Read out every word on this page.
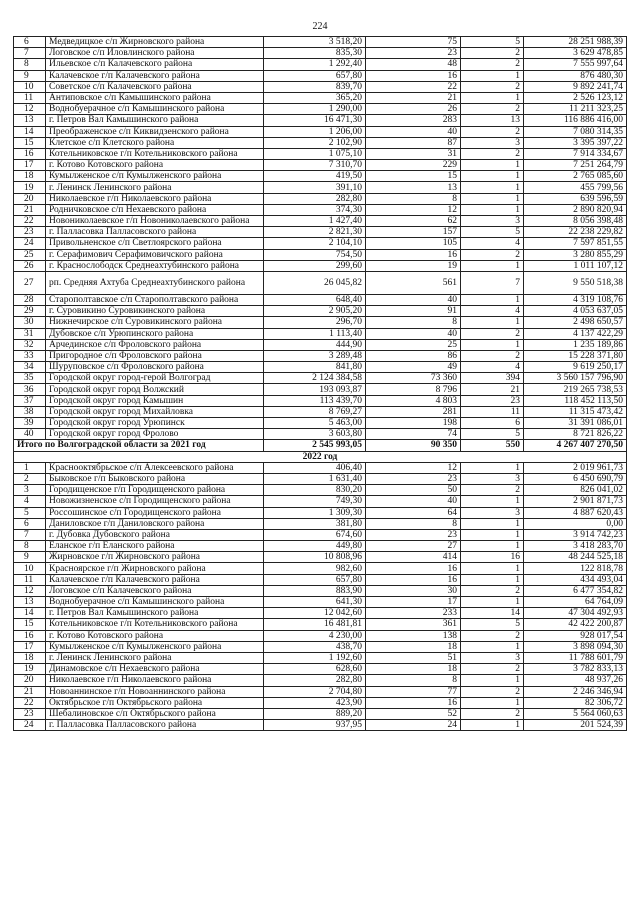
224
6	Медведицкое с/п Жирновского района	3 518,20	75	5	28 251 988,39
7	Логовское с/п Иловлинского района	835,30	23	2	3 629 478,85
8	Ильевское с/п Калачевского района	1 292,40	48	2	7 555 997,64
9	Калачевское г/п Калачевского района	657,80	16	1	876 480,30
10	Советское с/п Калачевского района	839,70	22	2	9 892 241,74
11	Антиповское с/п Камышинского района	365,20	21	1	2 526 123,12
12	Воднобуерачное с/п Камышинского района	1 290,00	26	2	11 211 323,25
13	г. Петров Вал Камышинского района	16 471,30	283	13	116 886 416,00
14	Преображенское с/п Киквидзенского района	1 206,00	40	2	7 080 314,35
15	Клетское с/п Клетского района	2 102,90	87	3	3 395 397,22
16	Котельниковское г/п Котельниковского района	1 075,10	31	2	7 914 334,67
17	г. Котово Котовского района	7 310,70	229	1	7 251 264,79
18	Кумылженское с/п Кумылженского района	419,50	15	1	2 765 085,60
19	г. Ленинск Ленинского района	391,10	13	1	455 799,56
20	Николаевское г/п Николаевского района	282,80	8	1	639 596,59
21	Родничковское с/п Нехаевского района	374,30	12	1	2 890 820,94
22	Новониколаевское г/п Новониколаевского района	1 427,40	62	3	8 056 398,48
23	г. Палласовка Палласовского района	2 821,30	157	5	22 238 229,82
24	Привольненское с/п Светлоярского района	2 104,10	105	4	7 597 851,55
25	г. Серафимович Серафимовичского района	754,50	16	2	3 280 855,29
26	г. Краснослободск Среднеахтубинского района	299,60	19	1	1 011 107,12
27	рп. Средняя Ахтуба Среднеахтубинского района	26 045,82	561	7	9 550 518,38
28	Старополтавское с/п Старополтавского района	648,40	40	1	4 319 108,76
29	г. Суровикино Суровикинского района	2 905,20	91	4	4 053 637,05
30	Нижнечирское с/п Суровикинского района	296,70	8	1	2 498 650,57
31	Дубовское с/п Урюпинского района	1 113,40	40	2	4 137 422,29
32	Арчединское с/п Фроловского района	444,90	25	1	1 235 189,86
33	Пригородное с/п Фроловского района	3 289,48	86	2	15 228 371,80
34	Шуруповское с/п Фроловского района	841,80	49	4	9 619 250,17
35	Городской округ город-герой Волгоград	2 124 384,58	73 360	394	3 560 157 796,90
36	Городской округ город Волжский	193 093,87	8 796	21	219 265 738,53
37	Городской округ город Камышин	113 439,70	4 803	23	118 452 113,50
38	Городской округ город Михайловка	8 769,27	281	11	11 315 473,42
39	Городской округ город Урюпинск	5 463,00	198	6	31 391 086,01
40	Городской округ город Фролово	3 603,80	74	5	8 721 826,22
Итого по Волгоградской области за 2021 год		2 545 993,05	90 350	550	4 267 407 270,50
2022 год					
1	Краснооктябрьское с/п Алексеевского района	406,40	12	1	2 019 961,73
2	Быковское г/п Быковского района	1 631,40	23	3	6 450 690,79
3	Городищенское г/п Городищенского района	830,20	50	2	826 041,02
4	Новожизненское с/п Городищенского района	749,30	40	1	2 901 871,73
5	Россошинское с/п Городищенского района	1 309,30	64	3	4 887 620,43
6	Даниловское г/п Даниловского района	381,80	8	1	0,00
7	г. Дубовка Дубовского района	674,60	23	1	3 914 742,23
8	Еланское г/п Еланского района	449,80	27	1	3 418 283,70
9	Жирновское г/п Жирновского района	10 808,96	414	16	48 244 525,18
10	Красноярское г/п Жирновского района	982,60	16	1	122 818,78
11	Калачевское г/п Калачевского района	657,80	16	1	434 493,04
12	Логовское с/п Калачевского района	883,90	30	2	6 477 354,82
13	Воднобуерачное с/п Камышинского района	641,30	17	1	64 764,09
14	г. Петров Вал Камышинского района	12 042,60	233	14	47 304 492,93
15	Котельниковское г/п Котельниковского района	16 481,81	361	5	42 422 200,87
16	г. Котово Котовского района	4 230,00	138	2	928 017,54
17	Кумылженское с/п Кумылженского района	438,70	18	1	3 898 094,30
18	г. Ленинск Ленинского района	1 192,60	51	3	11 788 601,79
19	Динамовское с/п Нехаевского района	628,60	18	2	3 782 833,13
20	Николаевское г/п Николаевского района	282,80	8	1	48 937,26
21	Новоаннинское г/п Новоаннинского района	2 704,80	77	2	2 246 346,94
22	Октябрьское г/п Октябрьского района	423,90	16	1	82 306,72
23	Шебалиновское с/п Октябрьского района	889,20	52	2	5 564 060,63
24	г. Палласовка Палласовского района	937,95	24	1	201 524,39
